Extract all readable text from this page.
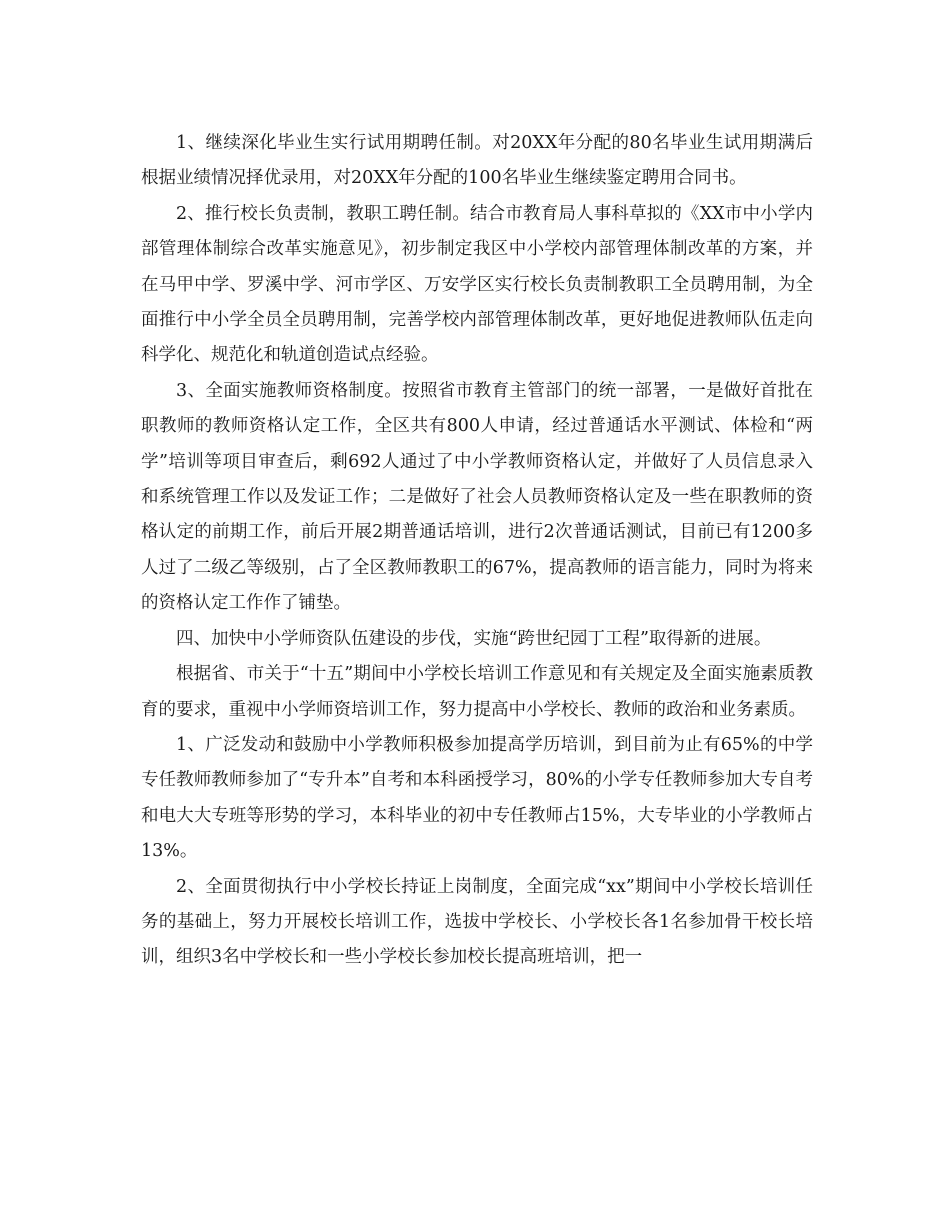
1、继续深化毕业生实行试用期聘任制。对20XX年分配的80名毕业生试用期满后根据业绩情况择优录用，对20XX年分配的100名毕业生继续鉴定聘用合同书。

2、推行校长负责制，教职工聘任制。结合市教育局人事科草拟的《XX市中小学内部管理体制综合改革实施意见》，初步制定我区中小学校内部管理体制改革的方案，并在马甲中学、罗溪中学、河市学区、万安学区实行校长负责制教职工全员聘用制，为全面推行中小学全员全员聘用制，完善学校内部管理体制改革，更好地促进教师队伍走向科学化、规范化和轨道创造试点经验。

3、全面实施教师资格制度。按照省市教育主管部门的统一部署，一是做好首批在职教师的教师资格认定工作，全区共有800人申请，经过普通话水平测试、体检和“两学”培训等项目审查后，剩692人通过了中小学教师资格认定，并做好了人员信息录入和系统管理工作以及发证工作；二是做好了社会人员教师资格认定及一些在职教师的资格认定的前期工作，前后开展2期普通话培训，进行2次普通话测试，目前已有1200多人过了二级乙等级别，占了全区教师教职工的67%，提高教师的语言能力，同时为将来的资格认定工作作了铺垫。

四、加快中小学师资队伍建设的步伐，实施“跨世纪园丁工程”取得新的进展。

根据省、市关于“十五”期间中小学校长培训工作意见和有关规定及全面实施素质教育的要求，重视中小学师资培训工作，努力提高中小学校长、教师的政治和业务素质。

1、广泛发动和鼓励中小学教师积极参加提高学历培训，到目前为止有65%的中学专任教师教师参加了“专升本”自考和本科函授学习，80%的小学专任教师参加大专自考和电大大专班等形势的学习，本科毕业的初中专任教师占15%，大专毕业的小学教师占13%。

2、全面贯彻执行中小学校长持证上岗制度，全面完成“xx”期间中小学校长培训任务的基础上，努力开展校长培训工作，选拔中学校长、小学校长各1名参加骨干校长培训，组织3名中学校长和一些小学校长参加校长提高班培训，把一
